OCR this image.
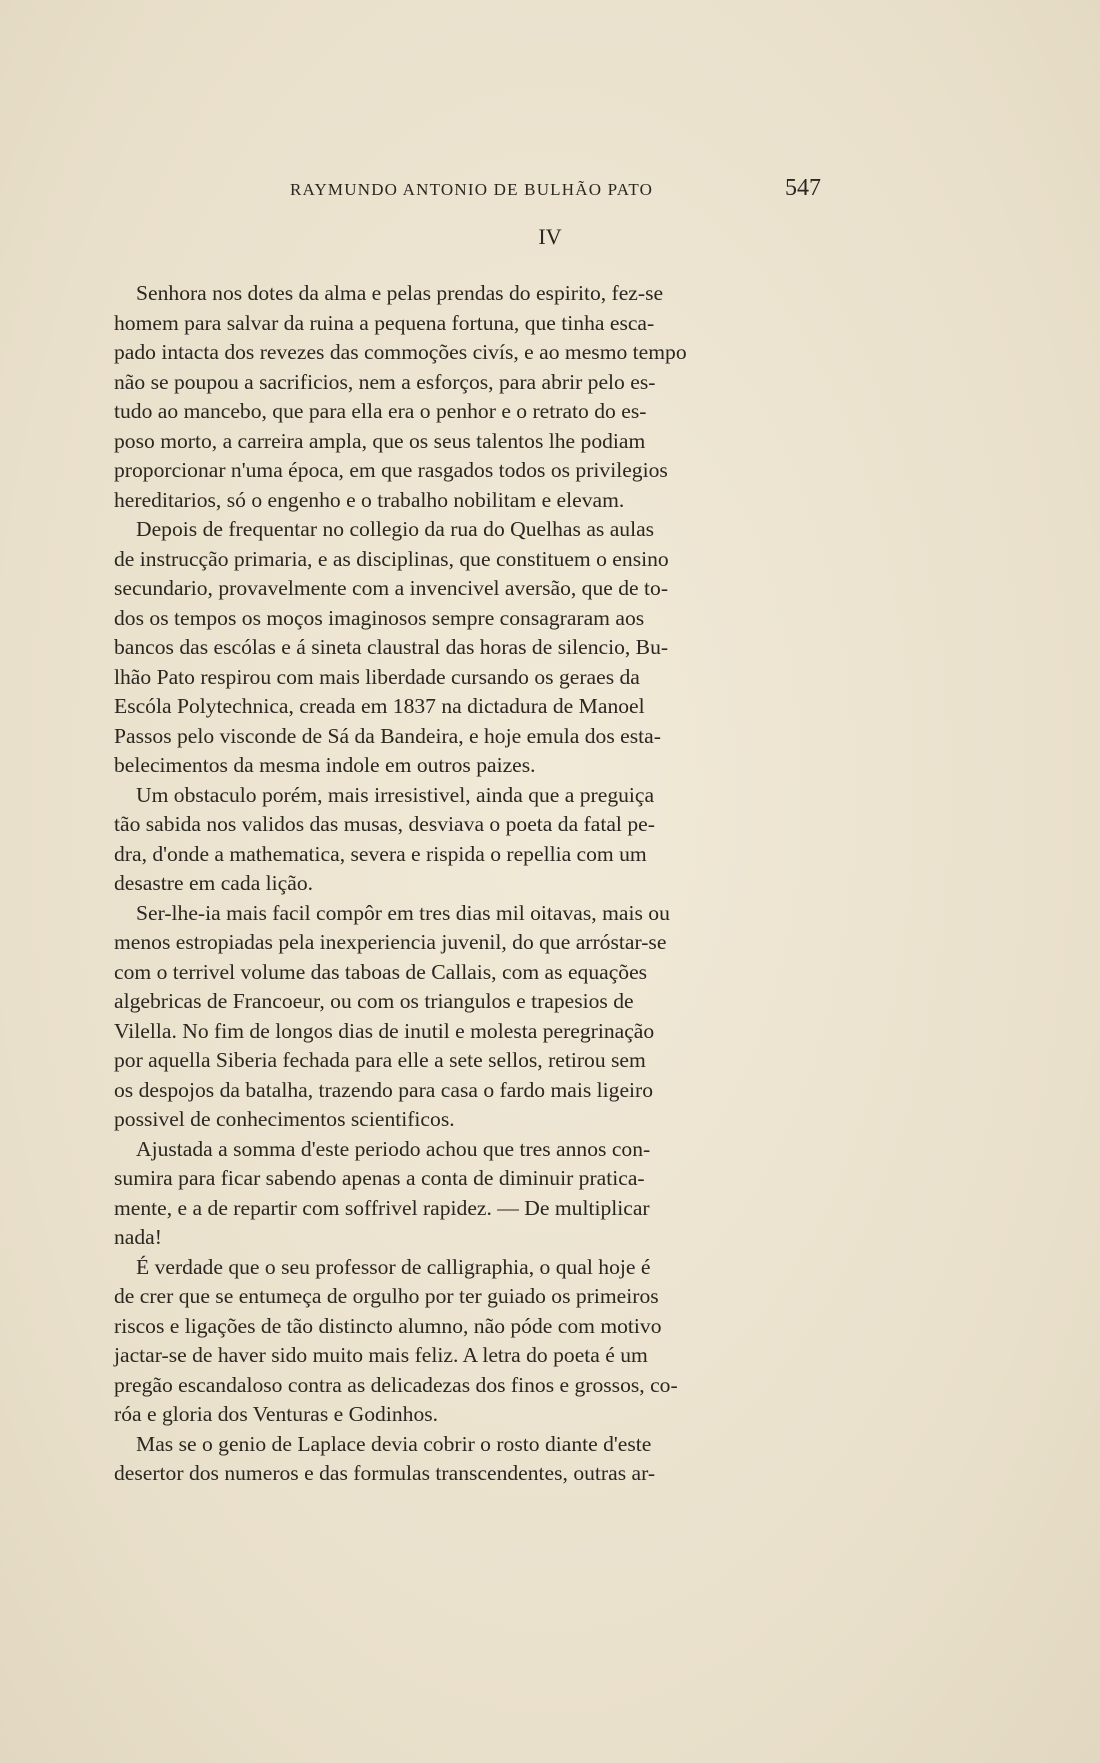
RAYMUNDO ANTONIO DE BULHÃO PATO	547
IV

Senhora nos dotes da alma e pelas prendas do espirito, fez-se
homem para salvar da ruina a pequena fortuna, que tinha esca-
pado intacta dos revezes das commoções civís, e ao mesmo tempo
não se poupou a sacrificios, nem a esforços, para abrir pelo es-
tudo ao mancebo, que para ella era o penhor e o retrato do es-
poso morto, a carreira ampla, que os seus talentos lhe podiam
proporcionar n'uma época, em que rasgados todos os privilegios
hereditarios, só o engenho e o trabalho nobilitam e elevam.

Depois de frequentar no collegio da rua do Quelhas as aulas
de instrucção primaria, e as disciplinas, que constituem o ensino
secundario, provavelmente com a invencivel aversão, que de to-
dos os tempos os moços imaginosos sempre consagraram aos
bancos das escólas e á sineta claustral das horas de silencio, Bu-
lhão Pato respirou com mais liberdade cursando os geraes da
Escóla Polytechnica, creada em 1837 na dictadura de Manoel
Passos pelo visconde de Sá da Bandeira, e hoje emula dos esta-
belecimentos da mesma indole em outros paizes.

Um obstaculo porém, mais irresistivel, ainda que a preguiça
tão sabida nos validos das musas, desviava o poeta da fatal pe-
dra, d'onde a mathematica, severa e rispida o repellia com um
desastre em cada lição.

Ser-lhe-ia mais facil compôr em tres dias mil oitavas, mais ou
menos estropiadas pela inexperiencia juvenil, do que arróstar-se
com o terrivel volume das taboas de Callais, com as equações
algebricas de Francoeur, ou com os triangulos e trapesios de
Vilella. No fim de longos dias de inutil e molesta peregrinação
por aquella Siberia fechada para elle a sete sellos, retirou sem
os despojos da batalha, trazendo para casa o fardo mais ligeiro
possivel de conhecimentos scientificos.

Ajustada a somma d'este periodo achou que tres annos con-
sumira para ficar sabendo apenas a conta de diminuir pratica-
mente, e a de repartir com soffrivel rapidez. — De multiplicar
nada!

É verdade que o seu professor de calligraphia, o qual hoje é
de crer que se entumeça de orgulho por ter guiado os primeiros
riscos e ligações de tão distincto alumno, não póde com motivo
jactar-se de haver sido muito mais feliz. A letra do poeta é um
pregão escandaloso contra as delicadezas dos finos e grossos, co-
róa e gloria dos Venturas e Godinhos.

Mas se o genio de Laplace devia cobrir o rosto diante d'este
desertor dos numeros e das formulas transcendentes, outras ar-
